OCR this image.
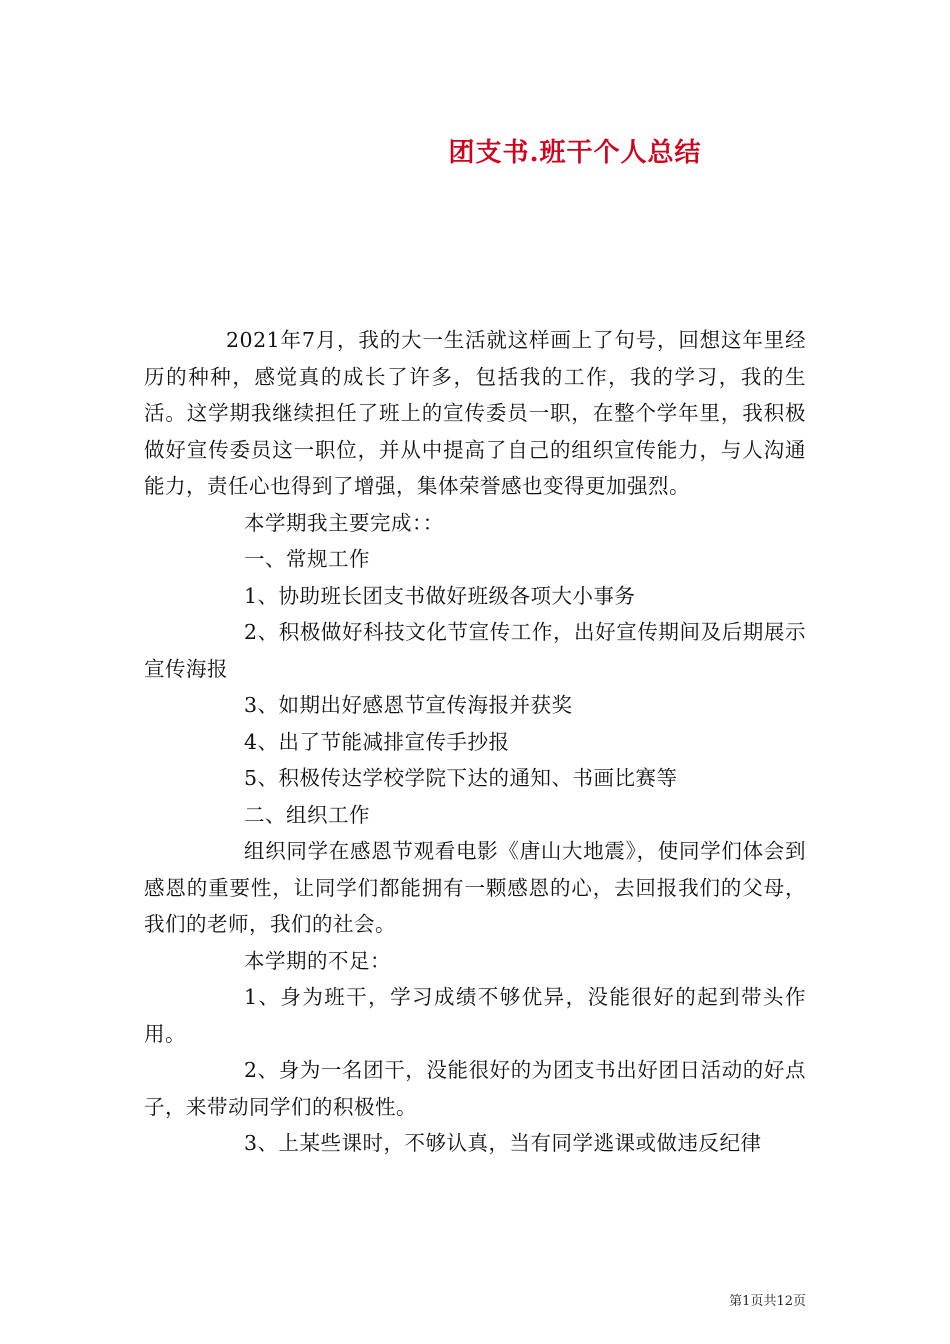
团支书.班干个人总结

2021年7月，我的大一生活就这样画上了句号，回想这年里经历的种种，感觉真的成长了许多，包括我的工作，我的学习，我的生活。这学期我继续担任了班上的宣传委员一职，在整个学年里，我积极做好宣传委员这一职位，并从中提高了自己的组织宣传能力，与人沟通能力，责任心也得到了增强，集体荣誉感也变得更加强烈。

本学期我主要完成：：

一、常规工作

1、协助班长团支书做好班级各项大小事务

2、积极做好科技文化节宣传工作，出好宣传期间及后期展示宣传海报

3、如期出好感恩节宣传海报并获奖

4、出了节能减排宣传手抄报

5、积极传达学校学院下达的通知、书画比赛等

二、组织工作

组织同学在感恩节观看电影《唐山大地震》，使同学们体会到感恩的重要性，让同学们都能拥有一颗感恩的心，去回报我们的父母，我们的老师，我们的社会。

本学期的不足：

1、身为班干，学习成绩不够优异，没能很好的起到带头作用。

2、身为一名团干，没能很好的为团支书出好团日活动的好点子，来带动同学们的积极性。

3、上某些课时，不够认真，当有同学逃课或做违反纪律

第1页共12页
